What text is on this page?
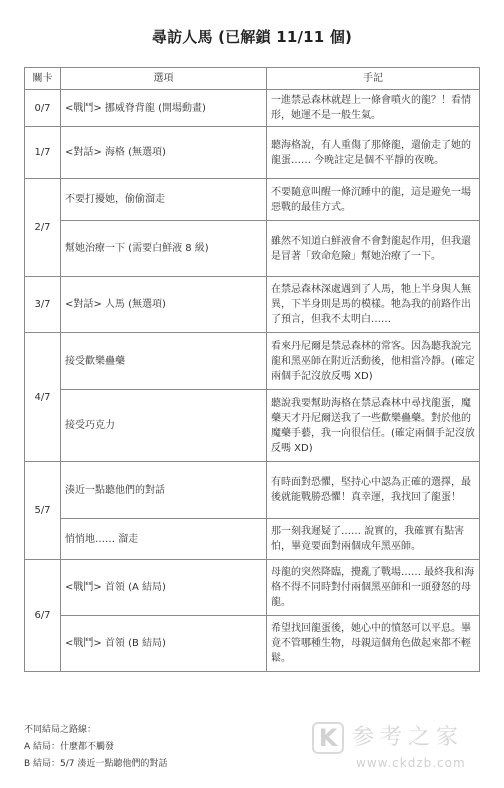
尋訪人馬 (已解鎖 11/11 個)
關卡	選項	手記
0/7	<戰鬥> 挪威脊背龍 (開場動畫)	一進禁忌森林就趕上一條會噴火的龍？！看情形，她運不是一般生氣。
1/7	<對話> 海格 (無選項)	聽海格說，有人重傷了那條龍，還偷走了她的龍蛋…… 今晚註定是個不平靜的夜晚。
2/7	不要打擾她，偷偷溜走	不要隨意叫醒一條沉睡中的龍，這是避免一場惡戰的最佳方式。
	幫她治療一下 (需要白鮮液 8 級)	雖然不知道白鮮液會不會對龍起作用，但我還是冒著「致命危險」幫她治療了一下。
3/7	<對話> 人馬 (無選項)	在禁忌森林深處遇到了人馬，牠上半身與人無異，下半身則是馬的模樣。牠為我的前路作出了預言，但我不太明白……
4/7	接受歡樂蠱藥	看來丹尼爾是禁忌森林的常客。因為聽我說完龍和黑巫師在附近活動後，他相當冷靜。(確定兩個手記沒放反嗎 XD)
	接受巧克力	聽說我要幫助海格在禁忌森林中尋找龍蛋，魔藥天才丹尼爾送我了一些歡樂蠱藥。對於他的魔藥手藝，我一向很信任。(確定兩個手記沒放反嗎 XD)
5/7	湊近一點聽他們的對話	有時面對恐懼，堅持心中認為正確的選擇，最後就能戰勝恐懼！真幸運，我找回了龍蛋！
	悄悄地…… 溜走	那一刻我遲疑了…… 說實的，我確實有點害怕，畢竟要面對兩個成年黑巫師。
6/7	<戰鬥> 首領 (A 結局)	母龍的突然降臨，攪亂了戰場…… 最終我和海格不得不同時對付兩個黑巫師和一頭發怒的母龍。
	<戰鬥> 首領 (B 結局)	希望找回龍蛋後，她心中的憤怒可以平息。畢竟不管哪種生物，母親這個角色做起來都不輕鬆。
不同結局之路線：
A 結局：什麼都不觸發
B 結局：5/7 湊近一點聽他們的對話
K 参考之家
www.ckdzb.com
